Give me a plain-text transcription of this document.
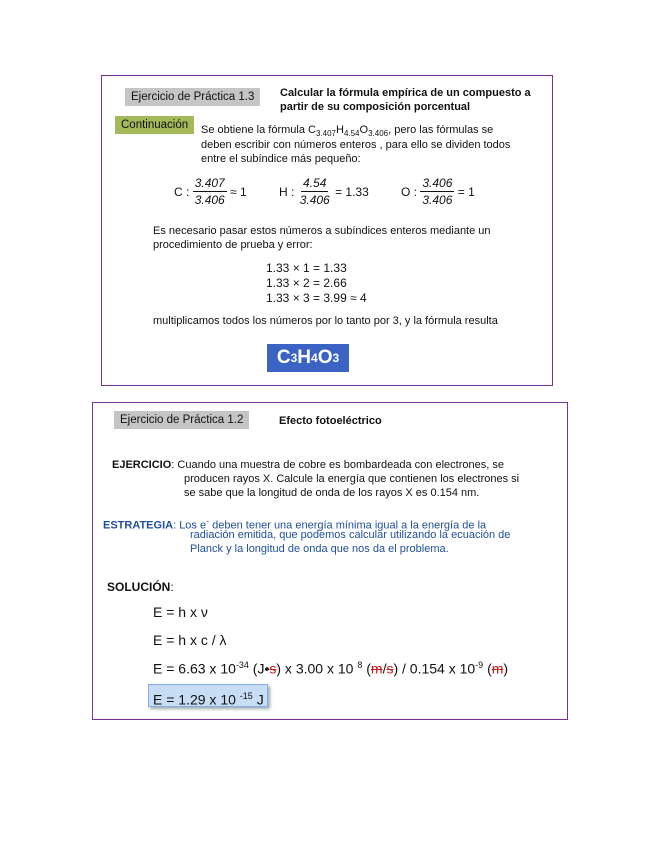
Ejercicio de Práctica 1.3	Calcular la fórmula empírica de un compuesto a
partir de su composición porcentual
Continuación	Se obtiene la fórmula $C_{3.407}H_{4.54}O_{3.406}$, pero las fórmulas se
deben escribir con números enteros , para ello se dividen todos
entre el subíndice más pequeño:
C :
$\frac{3.407}{3.406}$
≈ 1	H :
$\frac{4.54}{3.406}$
= 1.33	O :
$\frac{3.406}{3.406}$
= 1
Es necesario pasar estos números a subíndices enteros mediante un
procedimiento de prueba y error:
1.33 × 1 = 1.33
1.33 × 2 = 2.66
1.33 × 3 = 3.99 ≈ 4
multiplicamos todos los números por lo tanto por 3, y la fórmula resulta
C 3 H 4 O 3
Ejercicio de Práctica 1.2	Efecto fotoeléctrico
EJERCICIO: Cuando una muestra de cobre es bombardeada con electrones, se
producen rayos X. Calcule la energía que contienen los electrones si
se sabe que la longitud de onda de los rayos X es 0.154 nm.
ESTRATEGIA: Los e- deben tener una energía mínima igual a la energía de la
radiación emitida, que podemos calcular utilizando la ecuación de
Planck y la longitud de onda que nos da el problema.
SOLUCIÓN:
E = h x ν
E = h x c / λ
E = 6.63 x $10^{-34}$ (J•s) x 3.00 x 10 $^8$ (m/s) / 0.154 x $10^{-9}$ (m)
E = 1.29 x 10 $^{-15}$ J
